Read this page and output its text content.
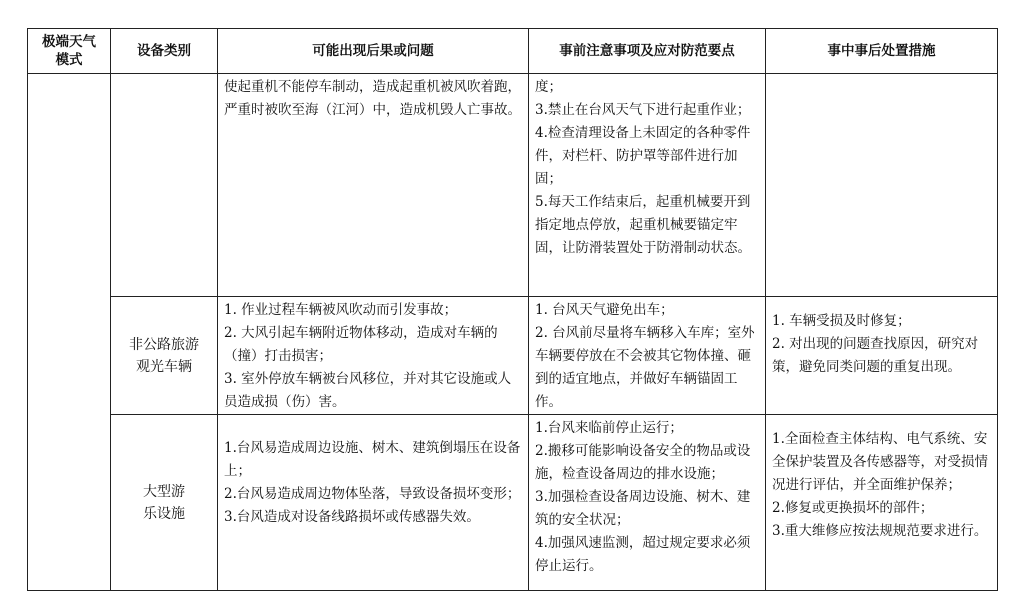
极端天气模式	设备类别	可能出现后果或问题	事前注意事项及应对防范要点	事中事后处置措施

		使起重机不能停车制动，造成起重机被风吹着跑，严重时被吹至海（江河）中，造成机毁人亡事故。	度；
3.禁止在台风天气下进行起重作业；
4.检查清理设备上未固定的各种零件件，对栏杆、防护罩等部件进行加固；
5.每天工作结束后，起重机械要开到指定地点停放，起重机械要锚定牢固，让防滑装置处于防滑制动状态。	

	非公路旅游观光车辆	1. 作业过程车辆被风吹动而引发事故；
2. 大风引起车辆附近物体移动，造成对车辆的（撞）打击损害；
3. 室外停放车辆被台风移位，并对其它设施或人员造成损（伤）害。	1. 台风天气避免出车；
2. 台风前尽量将车辆移入车库；室外车辆要停放在不会被其它物体撞、砸到的适宜地点，并做好车辆锚固工作。	1. 车辆受损及时修复；
2. 对出现的问题查找原因，研究对策，避免同类问题的重复出现。

	大型游乐设施	1.台风易造成周边设施、树木、建筑倒塌压在设备上；
2.台风易造成周边物体坠落，导致设备损坏变形；
3.台风造成对设备线路损坏或传感器失效。	1.台风来临前停止运行；
2.搬移可能影响设备安全的物品或设施，检查设备周边的排水设施；
3.加强检查设备周边设施、树木、建筑的安全状况；
4.加强风速监测，超过规定要求必须停止运行。	1.全面检查主体结构、电气系统、安全保护装置及各传感器等，对受损情况进行评估，并全面维护保养；
2.修复或更换损坏的部件；
3.重大维修应按法规规范要求进行。
